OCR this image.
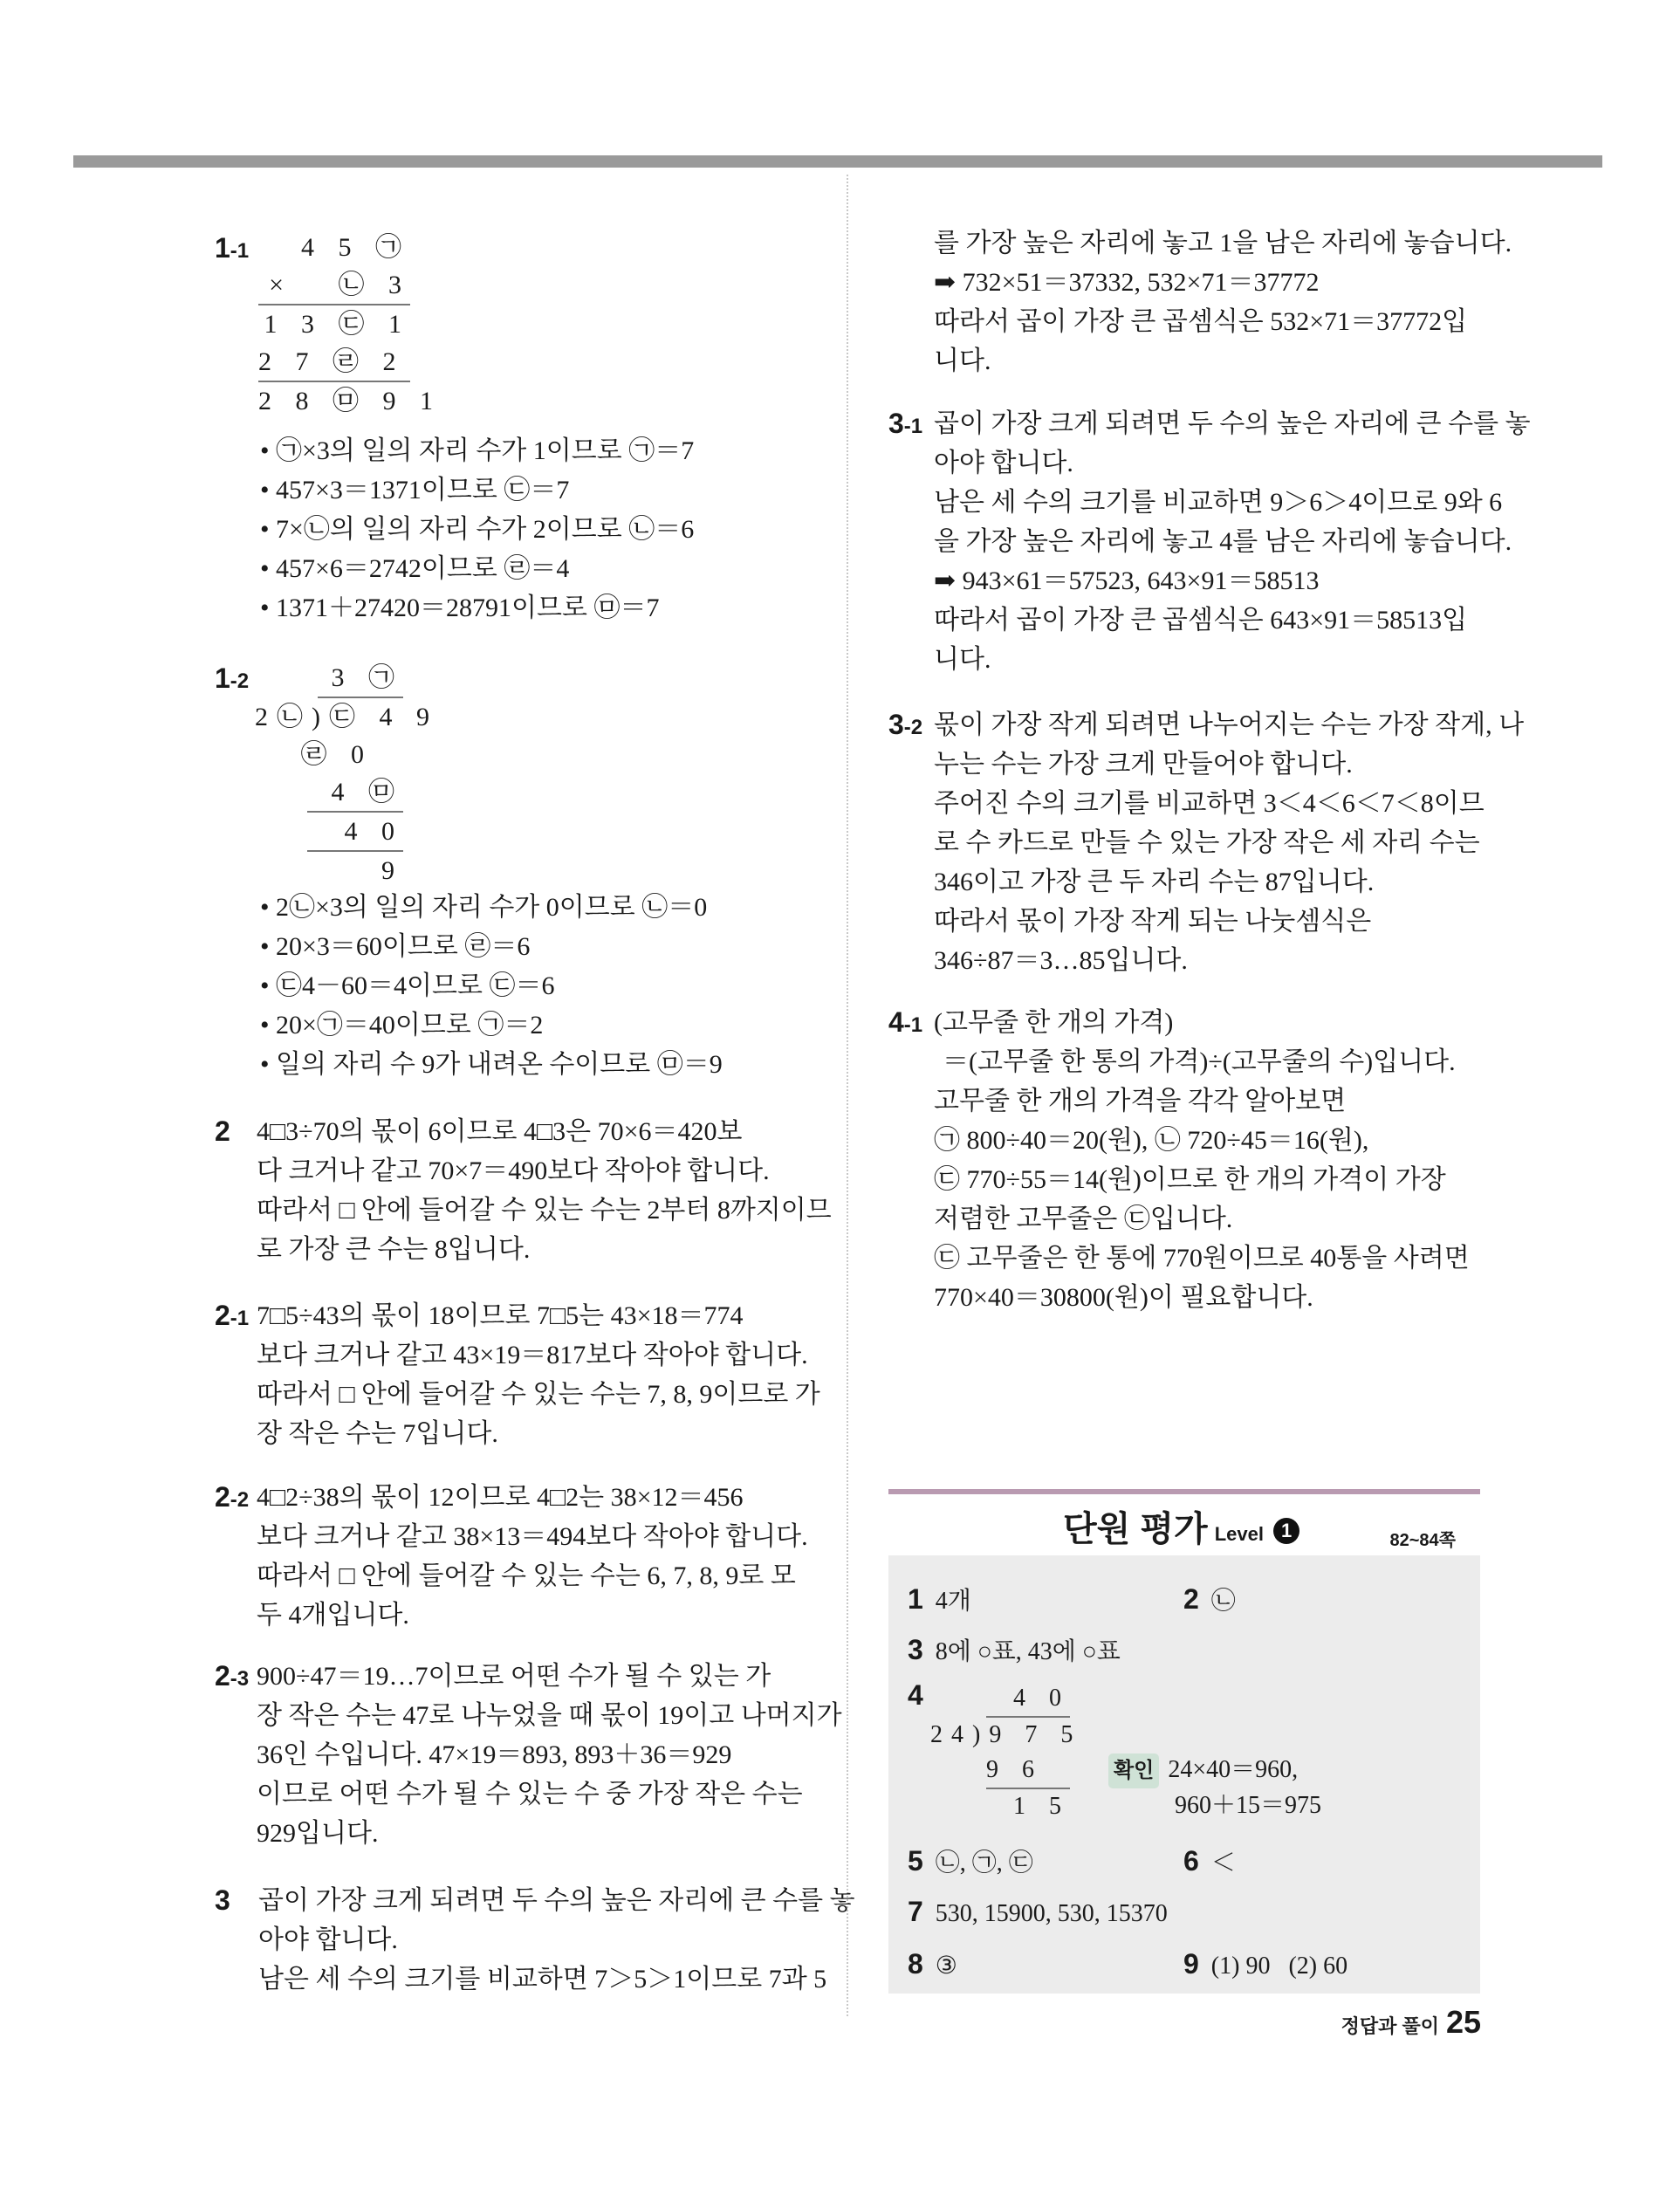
1-1	4 5 ㉠
×   ㉡ 3
1 3 ㉢ 1
2 7 ㉣ 2
2 8 ㉤ 9 1
• ㉠×3의 일의 자리 수가 1이므로 ㉠＝7
• 457×3＝1371이므로 ㉢＝7
• 7×㉡의 일의 자리 수가 2이므로 ㉡＝6
• 457×6＝2742이므로 ㉣＝4
• 1371＋27420＝28791이므로 ㉤＝7
1-2	3 ㉠
2㉡)㉢ 4 9
㉣ 0
4 ㉤
4 0
9
• 2㉡×3의 일의 자리 수가 0이므로 ㉡＝0
• 20×3＝60이므로 ㉣＝6
• ㉢4－60＝4이므로 ㉢＝6
• 20×㉠＝40이므로 ㉠＝2
• 일의 자리 수 9가 내려온 수이므로 ㉤＝9
2 4□3÷70의 몫이 6이므로 4□3은 70×6＝420보
다 크거나 같고 70×7＝490보다 작아야 합니다.
따라서 □ 안에 들어갈 수 있는 수는 2부터 8까지이므
로 가장 큰 수는 8입니다.
2-1 7□5÷43의 몫이 18이므로 7□5는 43×18＝774
보다 크거나 같고 43×19＝817보다 작아야 합니다.
따라서 □ 안에 들어갈 수 있는 수는 7, 8, 9이므로 가
장 작은 수는 7입니다.
2-2 4□2÷38의 몫이 12이므로 4□2는 38×12＝456
보다 크거나 같고 38×13＝494보다 작아야 합니다.
따라서 □ 안에 들어갈 수 있는 수는 6, 7, 8, 9로 모
두 4개입니다.
2-3 900÷47＝19…7이므로 어떤 수가 될 수 있는 가
장 작은 수는 47로 나누었을 때 몫이 19이고 나머지가
36인 수입니다. 47×19＝893, 893＋36＝929
이므로 어떤 수가 될 수 있는 수 중 가장 작은 수는
929입니다.
3 곱이 가장 크게 되려면 두 수의 높은 자리에 큰 수를 놓
아야 합니다.
남은 세 수의 크기를 비교하면 7＞5＞1이므로 7과 5
를 가장 높은 자리에 놓고 1을 남은 자리에 놓습니다.
➡ 732×51＝37332, 532×71＝37772
따라서 곱이 가장 큰 곱셈식은 532×71＝37772입
니다.
3-1 곱이 가장 크게 되려면 두 수의 높은 자리에 큰 수를 놓
아야 합니다.
남은 세 수의 크기를 비교하면 9＞6＞4이므로 9와 6
을 가장 높은 자리에 놓고 4를 남은 자리에 놓습니다.
➡ 943×61＝57523, 643×91＝58513
따라서 곱이 가장 큰 곱셈식은 643×91＝58513입
니다.
3-2 몫이 가장 작게 되려면 나누어지는 수는 가장 작게, 나
누는 수는 가장 크게 만들어야 합니다.
주어진 수의 크기를 비교하면 3＜4＜6＜7＜8이므
로 수 카드로 만들 수 있는 가장 작은 세 자리 수는
346이고 가장 큰 두 자리 수는 87입니다.
따라서 몫이 가장 작게 되는 나눗셈식은
346÷87＝3…85입니다.
4-1 (고무줄 한 개의 가격)
＝(고무줄 한 통의 가격)÷(고무줄의 수)입니다.
고무줄 한 개의 가격을 각각 알아보면
㉠ 800÷40＝20(원), ㉡ 720÷45＝16(원),
㉢ 770÷55＝14(원)이므로 한 개의 가격이 가장
저렴한 고무줄은 ㉢입니다.
㉢ 고무줄은 한 통에 770원이므로 40통을 사려면
770×40＝30800(원)이 필요합니다.
단원 평가 Level 1	82~84쪽
1 4개	2 ㉡
3 8에 ○표, 43에 ○표
4	4 0
24)9 7 5
9 6
1 5
확인 24×40＝960,
960＋15＝975
5 ㉡, ㉠, ㉢	6 ＜
7 530, 15900, 530, 15370
8 ③	9 (1) 90   (2) 60
정답과 풀이 25
